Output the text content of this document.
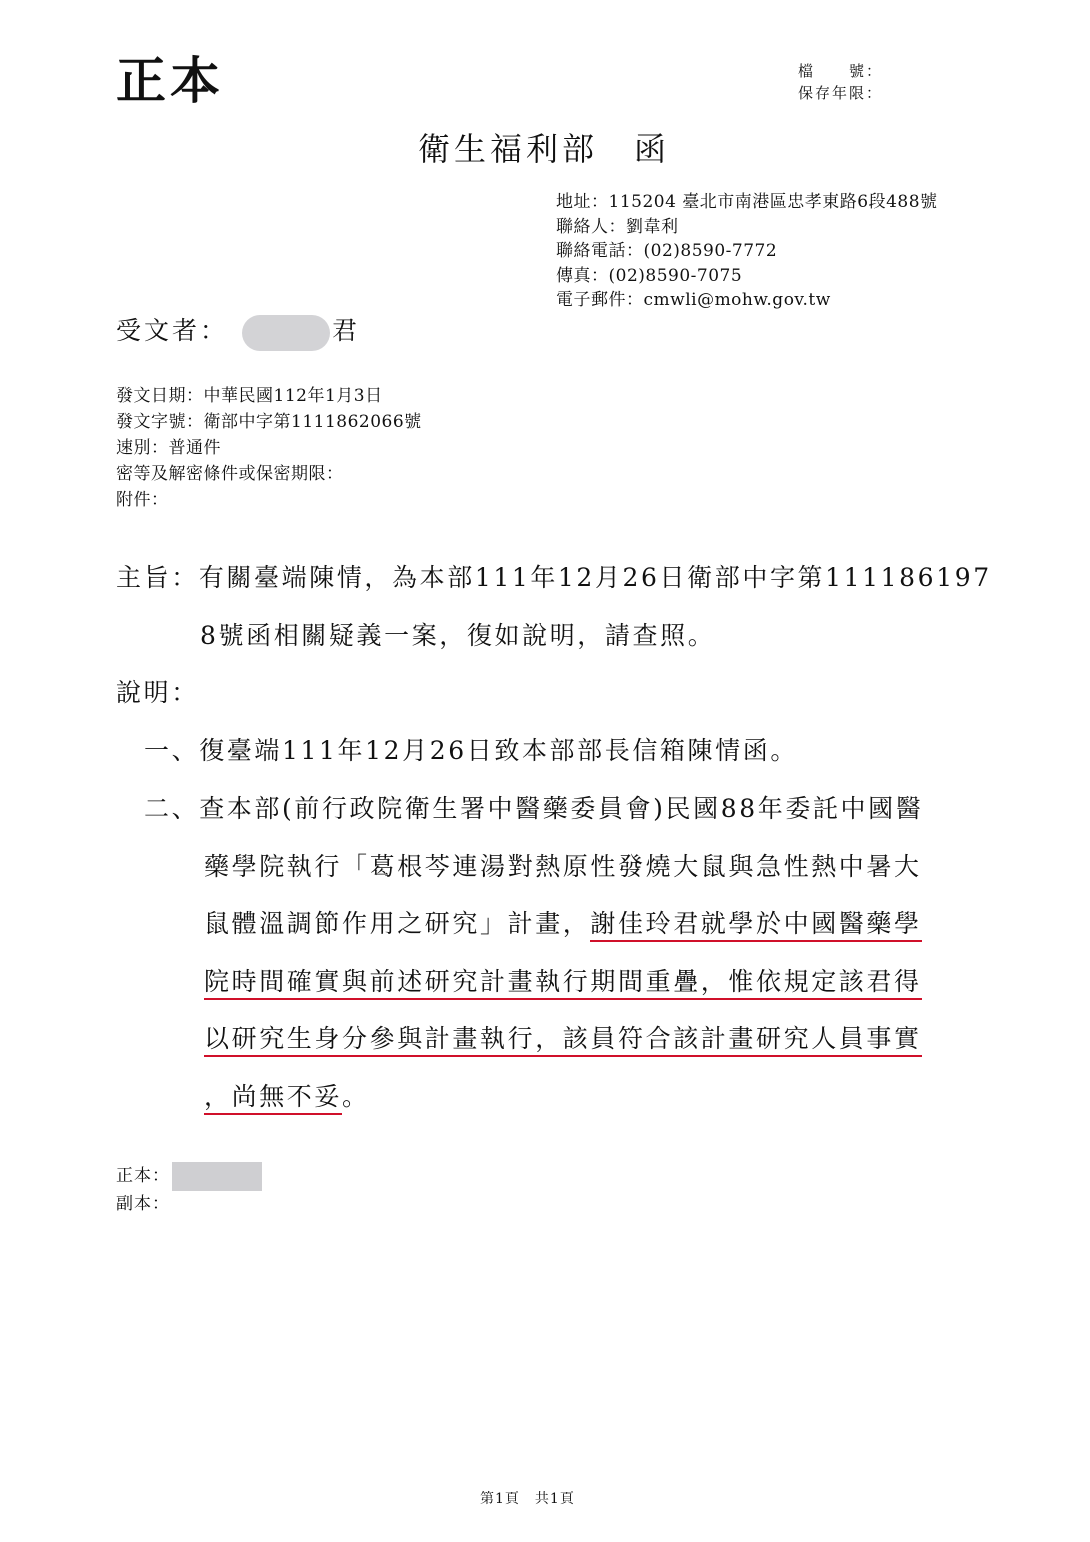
正本	檔　　號：
保存年限：
衛生福利部　函
地址：115204 臺北市南港區忠孝東路6段488號
聯絡人：劉韋利
聯絡電話：(02)8590-7772
傳真：(02)8590-7075
電子郵件：cmwli@mohw.gov.tw
受文者：	君
發文日期：中華民國112年1月3日
發文字號：衛部中字第1111862066號
速別：普通件
密等及解密條件或保密期限：
附件：
主旨：有關臺端陳情，為本部111年12月26日衛部中字第111186197
8號函相關疑義一案，復如說明，請查照。
說明：
一、復臺端111年12月26日致本部部長信箱陳情函。
二、查本部(前行政院衛生署中醫藥委員會)民國88年委託中國醫
藥學院執行「葛根芩連湯對熱原性發燒大鼠與急性熱中暑大
鼠體溫調節作用之研究」計畫，謝佳玲君就學於中國醫藥學
院時間確實與前述研究計畫執行期間重疊，惟依規定該君得
以研究生身分參與計畫執行，該員符合該計畫研究人員事實
，尚無不妥。
正本：
副本：
第1頁　共1頁
